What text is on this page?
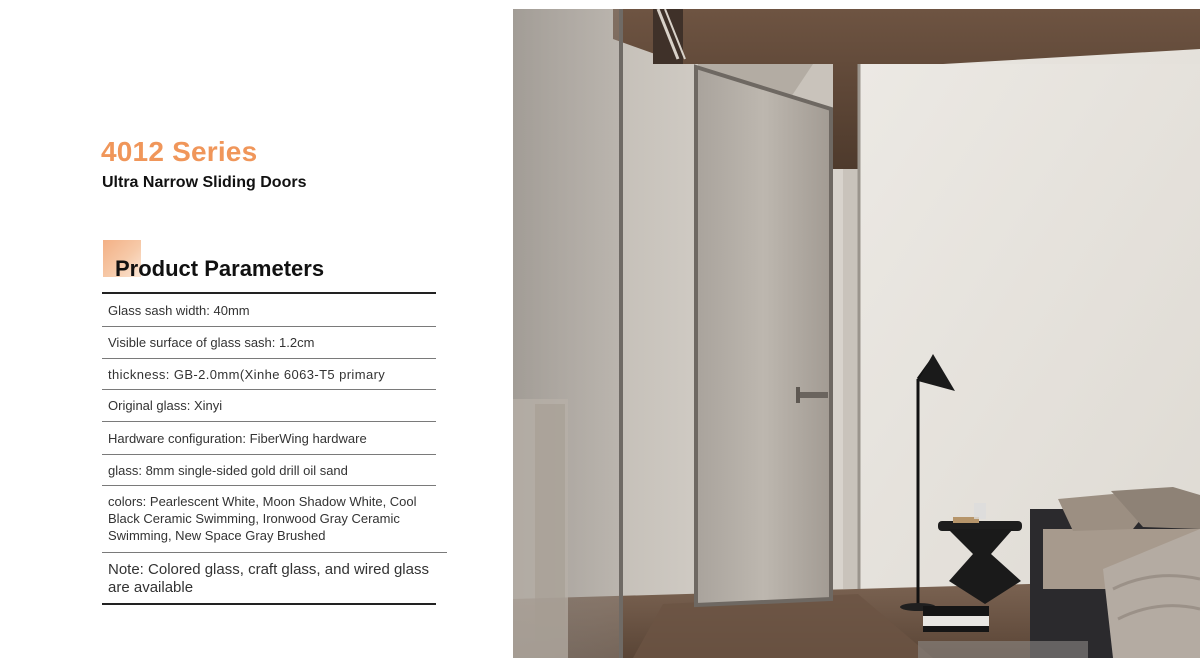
4012 Series
Ultra Narrow Sliding Doors
Product Parameters
Glass sash width: 40mm
Visible surface of glass sash: 1.2cm
thickness: GB-2.0mm(Xinhe 6063-T5 primary
Original glass: Xinyi
Hardware configuration: FiberWing hardware
glass: 8mm single-sided gold drill oil sand
colors: Pearlescent White, Moon Shadow White, Cool Black Ceramic Swimming, Ironwood Gray Ceramic Swimming, New Space Gray Brushed
Note: Colored glass, craft glass, and wired glass are available
